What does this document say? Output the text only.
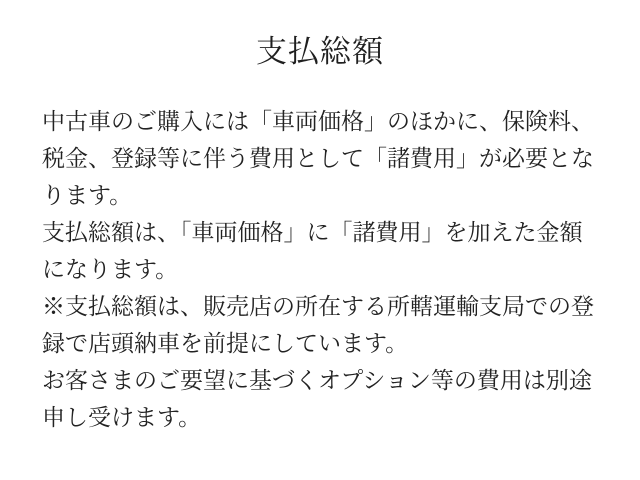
支払総額

中古車のご購入には「車両価格」のほかに、保険料、税金、登録等に伴う費用として「諸費用」が必要となります。

支払総額は、「車両価格」に「諸費用」を加えた金額になります。

※支払総額は、販売店の所在する所轄運輸支局での登録で店頭納車を前提にしています。

お客さまのご要望に基づくオプション等の費用は別途申し受けます。
